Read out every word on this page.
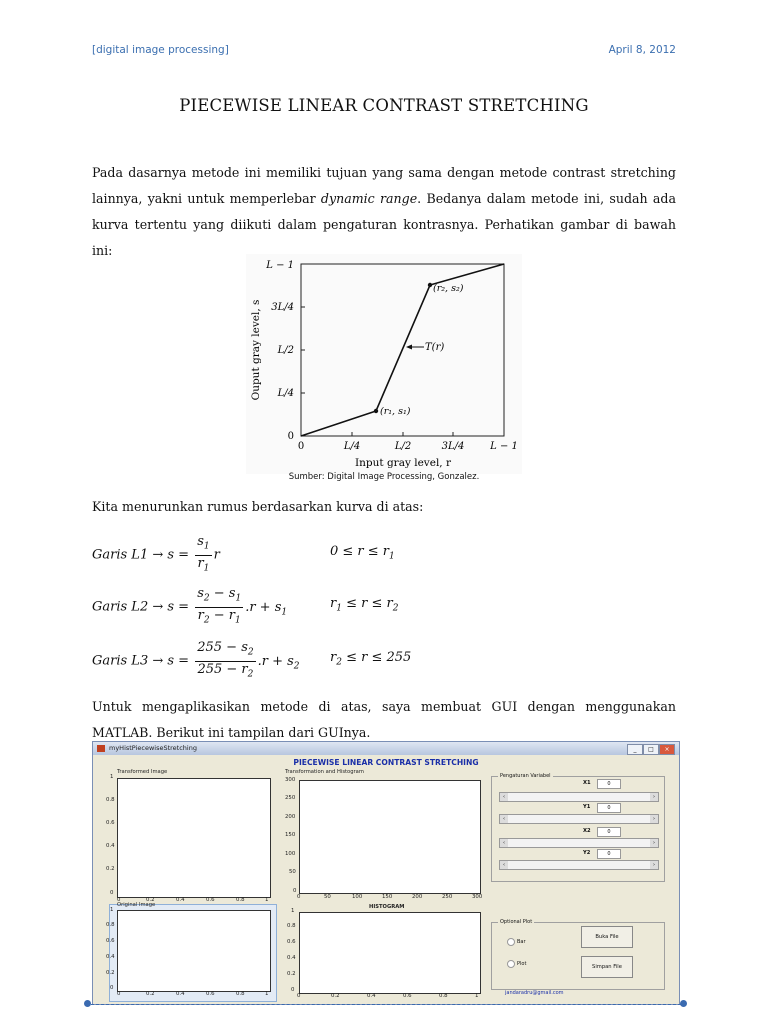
[digital image processing]	April 8, 2012
PIECEWISE LINEAR CONTRAST STRETCHING
Pada dasarnya metode ini memiliki tujuan yang sama dengan metode contrast stretching lainnya, yakni untuk memperlebar dynamic range. Bedanya dalam metode ini, sudah ada kurva tertentu yang diikuti dalam pengaturan kontrasnya. Perhatikan gambar di bawah ini:
(r₁, s₁)
(r₂, s₂)
T(r)
L − 1
3L/4
L/2
L/4
0
0	L/4	L/2	3L/4	L − 1
Input gray level, r
Ouput gray level, s
Sumber: Digital Image Processing, Gonzalez.
Kita menurunkan rumus berdasarkan kurva di atas:
Garis $L1 \to s = \frac{s_1}{r_1}$ r	$0 \le r \le r_1$
Garis $L2 \to s = \frac{s_2 - s_1}{r_2 - r_1} .r + s_1$
$r_1 \le r \le r_2$
Garis $L3 \to s = \frac{255 - s_2}{255 - r_2} .r + s_2$
$r_2 \le r \le 255$
Untuk mengaplikasikan metode di atas, saya membuat GUI dengan menggunakan MATLAB. Berikut ini tampilan dari GUInya.
myHistPiecewiseStretching	_	□	×
PIECEWISE LINEAR CONTRAST STRETCHING
Transformed Image
1
0.8
0.6
0.4
0.2
0
0	0.2	0.4	0.6	0.8	1
Original Image
1
0.8
0.6
0.4
0.2
0
0	0.2	0.4	0.6	0.8	1
Transformation and Histogram
300
250
200
150
100
50
0
0	50	100	150	200	250	300
HISTOGRAM
1
0.8
0.6
0.4
0.2
0
0	0.2	0.4	0.6	0.8	1
Pengaturan Variabel
X1	0
‹	›
Y1	0
‹	›
X2	0
‹	›
Y2	0
‹	›
Optional Plot
Bar
Plot
Buka File
Simpan File
jandaradru@gmail.com
